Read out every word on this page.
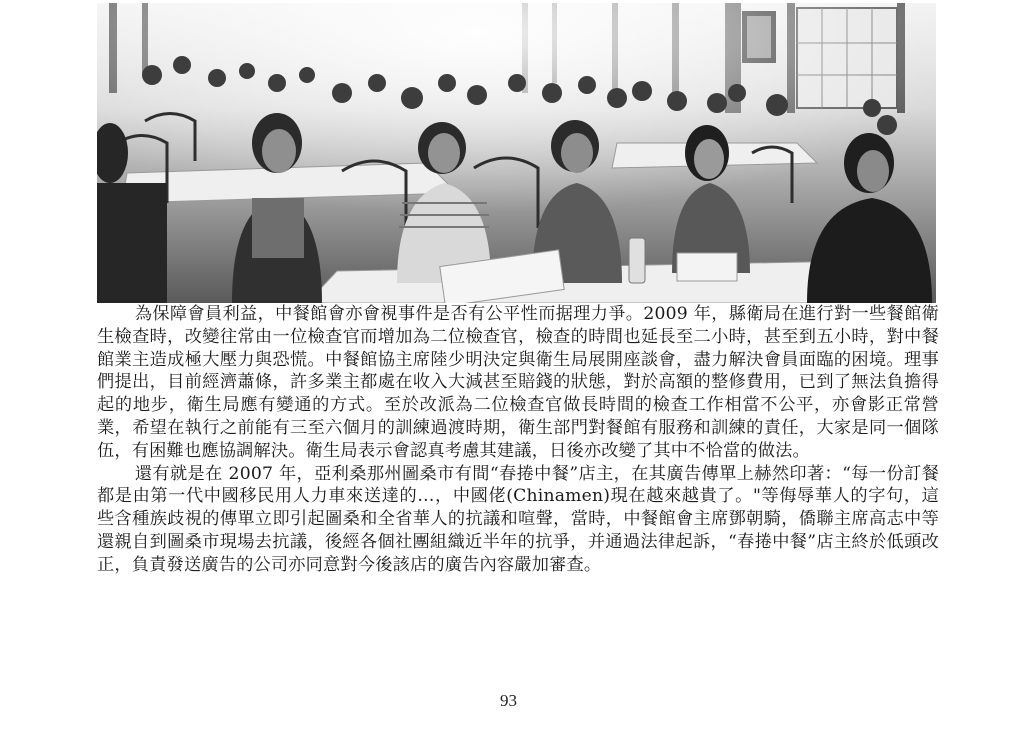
為保障會員利益，中餐館會亦會視事件是否有公平性而据理力爭。2009 年，縣衛局在進行對一些餐館衛生檢查時，改變往常由一位檢查官而增加為二位檢查官，檢查的時間也延長至二小時，甚至到五小時，對中餐館業主造成極大壓力與恐慌。中餐館協主席陸少明決定與衛生局展開座談會，盡力解決會員面臨的困境。理事們提出，目前經濟蕭條，許多業主都處在收入大減甚至賠錢的狀態，對於高額的整修費用，已到了無法負擔得起的地步，衛生局應有變通的方式。至於改派為二位檢查官做長時間的檢查工作相當不公平，亦會影正常營業，希望在執行之前能有三至六個月的訓練過渡時期，衛生部門對餐館有服務和訓練的責任，大家是同一個隊伍，有困難也應協調解決。衛生局表示會認真考慮其建議，日後亦改變了其中不恰當的做法。

還有就是在 2007 年，亞利桑那州圖桑市有間“春捲中餐”店主，在其廣告傳單上赫然印著：“每一份訂餐都是由第一代中國移民用人力車來送達的…，中國佬(Chinamen)現在越來越貴了。"等侮辱華人的字句，這些含種族歧視的傳單立即引起圖桑和全省華人的抗議和喧聲，當時，中餐館會主席鄧朝騎，僑聯主席高志中等還親自到圖桑市現場去抗議，後經各個社團組織近半年的抗爭，并通過法律起訴，“春捲中餐”店主終於低頭改正，負責發送廣告的公司亦同意對今後該店的廣告內容嚴加審查。

93
